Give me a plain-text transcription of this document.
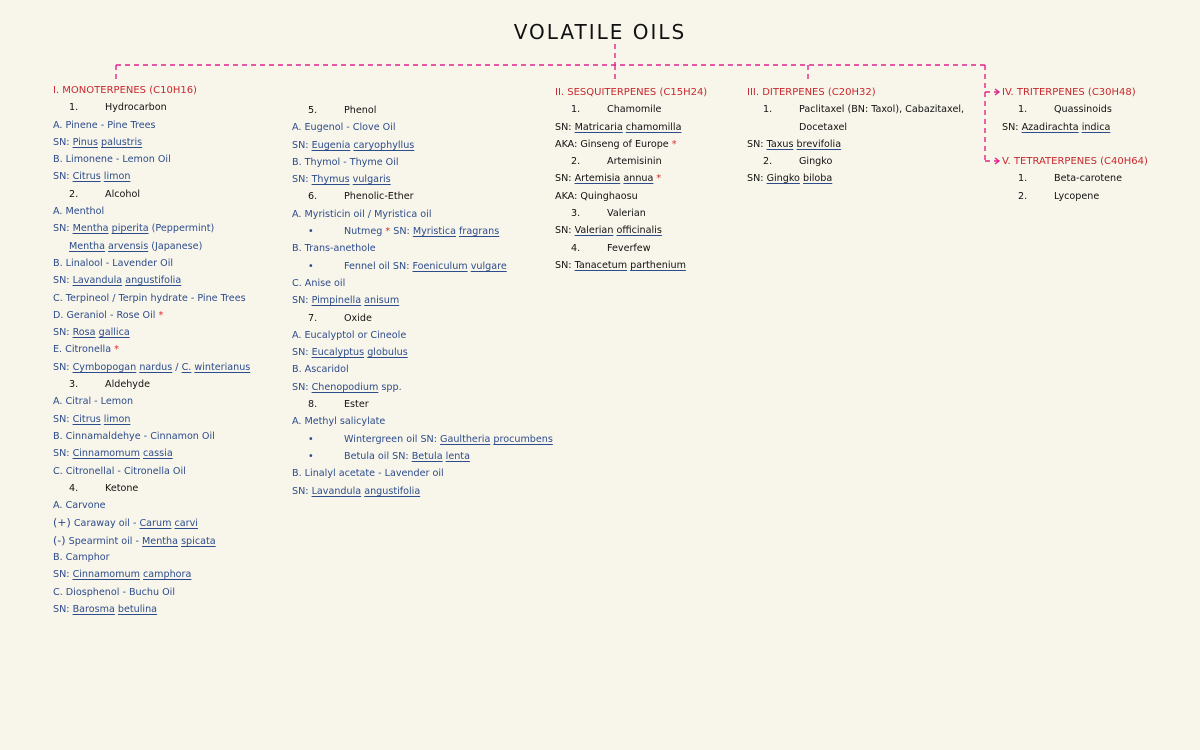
VOLATILE OILS
I. MONOTERPENES (C10H16)
1.	Hydrocarbon
A. Pinene - Pine Trees
SN: Pinus palustris
B. Limonene - Lemon Oil
SN: Citrus limon
2.	Alcohol
A. Menthol
SN: Mentha piperita (Peppermint)
Mentha arvensis (Japanese)
B. Linalool - Lavender Oil
SN: Lavandula angustifolia
C. Terpineol / Terpin hydrate - Pine Trees
D. Geraniol - Rose Oil *
SN: Rosa gallica
E. Citronella *
SN: Cymbopogan nardus / C. winterianus
3.	Aldehyde
A. Citral - Lemon
SN: Citrus limon
B. Cinnamaldehye - Cinnamon Oil
SN: Cinnamomum cassia
C. Citronellal - Citronella Oil
4.	Ketone
A. Carvone
(+) Caraway oil - Carum carvi
(-) Spearmint oil - Mentha spicata
B. Camphor
SN: Cinnamomum camphora
C. Diosphenol - Buchu Oil
SN: Barosma betulina
5.	Phenol
A. Eugenol - Clove Oil
SN: Eugenia caryophyllus
B. Thymol - Thyme Oil
SN: Thymus vulgaris
6.	Phenolic-Ether
A. Myristicin oil / Myristica oil
•	Nutmeg * SN: Myristica fragrans
B. Trans-anethole
•	Fennel oil SN: Foeniculum vulgare
C. Anise oil
SN: Pimpinella anisum
7.	Oxide
A. Eucalyptol or Cineole
SN: Eucalyptus globulus
B. Ascaridol
SN: Chenopodium spp.
8.	Ester
A. Methyl salicylate
•	Wintergreen oil SN: Gaultheria procumbens
•	Betula oil SN: Betula lenta
B. Linalyl acetate - Lavender oil
SN: Lavandula angustifolia
II. SESQUITERPENES (C15H24)
1.	Chamomile
SN: Matricaria chamomilla
AKA: Ginseng of Europe *
2.	Artemisinin
SN: Artemisia annua *
AKA: Quinghaosu
3.	Valerian
SN: Valerian officinalis
4.	Feverfew
SN: Tanacetum parthenium
III. DITERPENES (C20H32)
1.	Paclitaxel (BN: Taxol), Cabazitaxel,
Docetaxel
SN: Taxus brevifolia
2.	Gingko
SN: Gingko biloba
IV. TRITERPENES (C30H48)
1.	Quassinoids
SN: Azadirachta indica
V. TETRATERPENES (C40H64)
1.	Beta-carotene
2.	Lycopene
